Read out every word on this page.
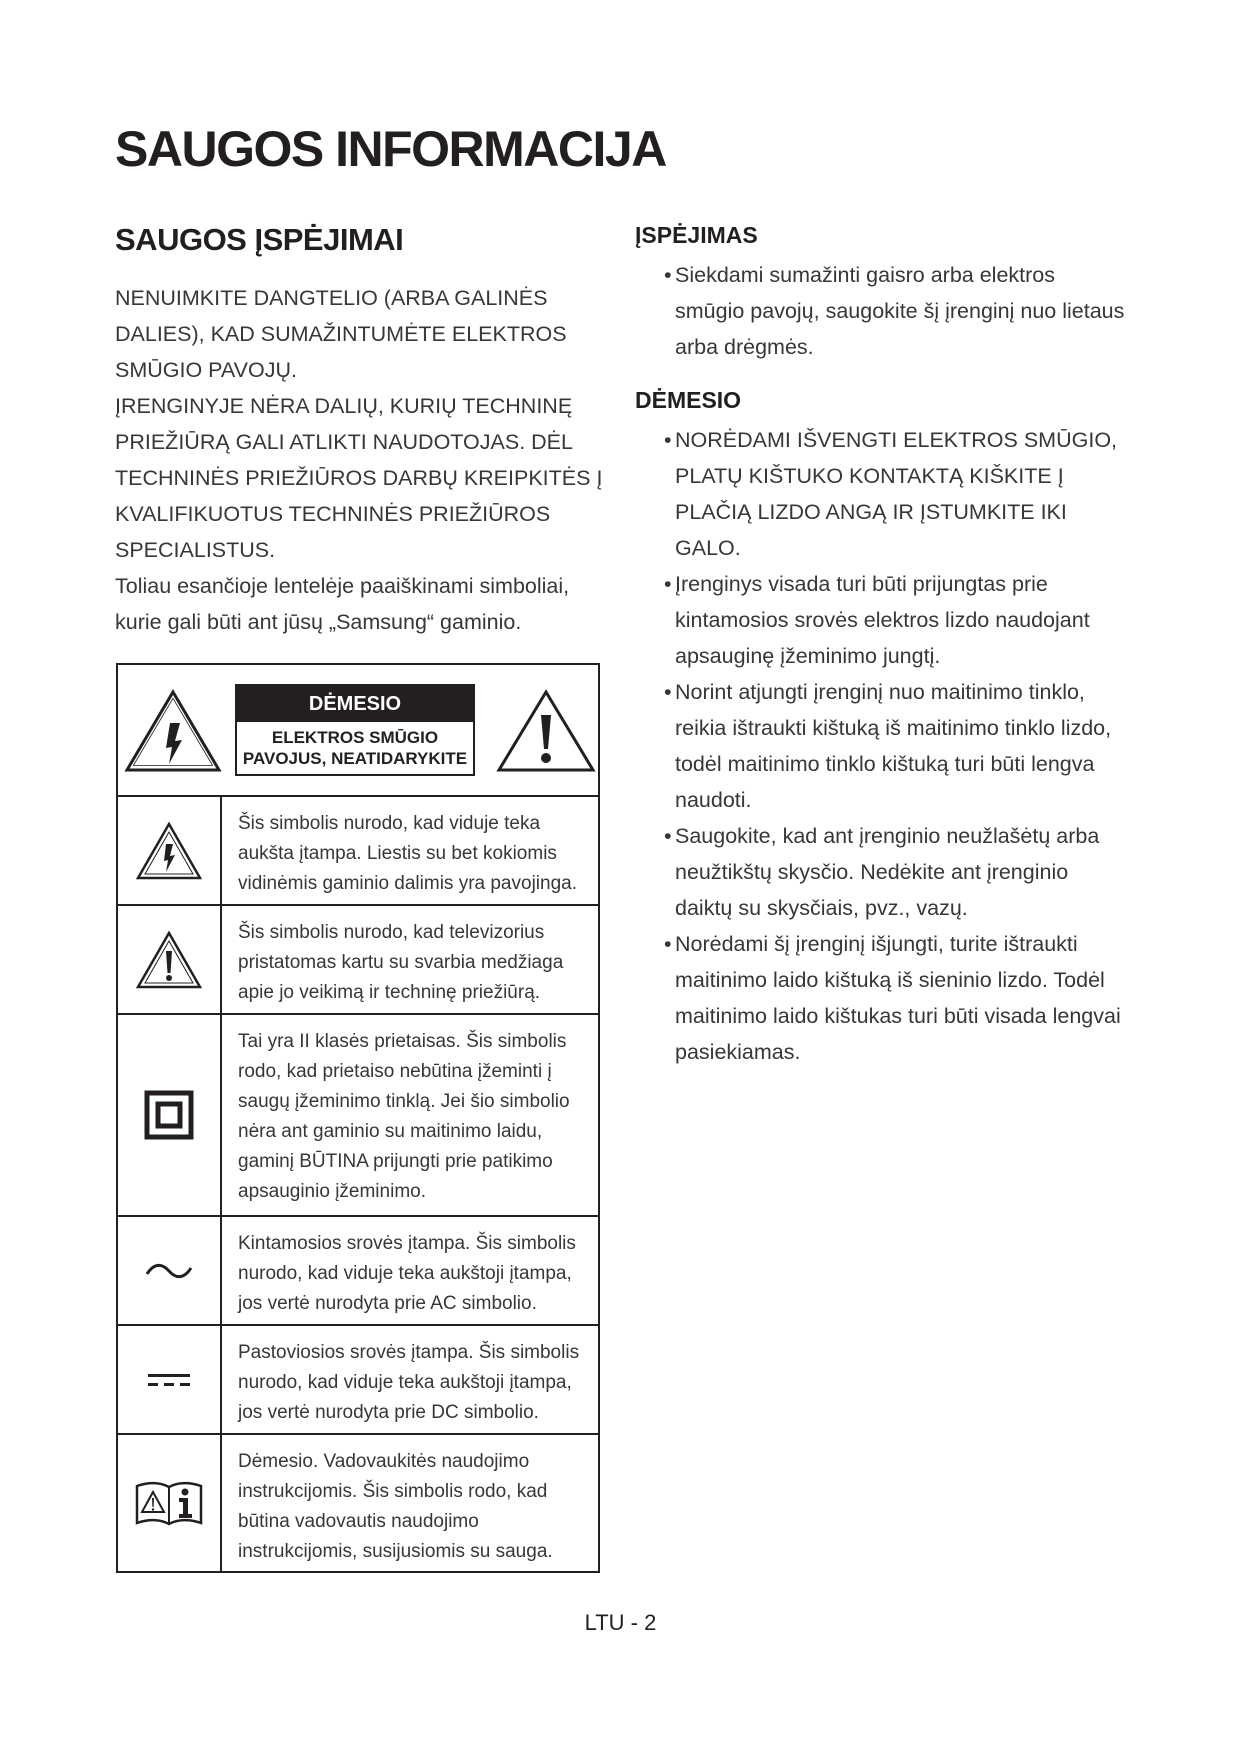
SAUGOS INFORMACIJA
SAUGOS ĮSPĖJIMAI

NENUIMKITE DANGTELIO (ARBA GALINĖS DALIES), KAD SUMAŽINTUMĖTE ELEKTROS SMŪGIO PAVOJŲ.

ĮRENGINYJE NĖRA DALIŲ, KURIŲ TECHNINĘ PRIEŽIŪRĄ GALI ATLIKTI NAUDOTOJAS. DĖL TECHNINĖS PRIEŽIŪROS DARBŲ KREIPKITĖS Į KVALIFIKUOTUS TECHNINĖS PRIEŽIŪROS SPECIALISTUS.

Toliau esančioje lentelėje paaiškinami simboliai, kurie gali būti ant jūsų „Samsung“ gaminio.

DĖMESIO
ELEKTROS SMŪGIO
PAVOJUS, NEATIDARYKITE
Šis simbolis nurodo, kad viduje teka aukšta įtampa. Liestis su bet kokiomis vidinėmis gaminio dalimis yra pavojinga.
Šis simbolis nurodo, kad televizorius pristatomas kartu su svarbia medžiaga apie jo veikimą ir techninę priežiūrą.
Tai yra II klasės prietaisas. Šis simbolis rodo, kad prietaiso nebūtina įžeminti į saugų įžeminimo tinklą. Jei šio simbolio nėra ant gaminio su maitinimo laidu, gaminį BŪTINA prijungti prie patikimo apsauginio įžeminimo.
Kintamosios srovės įtampa. Šis simbolis nurodo, kad viduje teka aukštoji įtampa, jos vertė nurodyta prie AC simbolio.
Pastoviosios srovės įtampa. Šis simbolis nurodo, kad viduje teka aukštoji įtampa, jos vertė nurodyta prie DC simbolio.
Dėmesio. Vadovaukitės naudojimo instrukcijomis. Šis simbolis rodo, kad būtina vadovautis naudojimo instrukcijomis, susijusiomis su sauga.
ĮSPĖJIMAS
• Siekdami sumažinti gaisro arba elektros smūgio pavojų, saugokite šį įrenginį nuo lietaus arba drėgmės.
DĖMESIO
• NORĖDAMI IŠVENGTI ELEKTROS SMŪGIO, PLATŲ KIŠTUKO KONTAKTĄ KIŠKITE Į PLAČIĄ LIZDO ANGĄ IR ĮSTUMKITE IKI GALO.
• Įrenginys visada turi būti prijungtas prie kintamosios srovės elektros lizdo naudojant apsauginę įžeminimo jungtį.
• Norint atjungti įrenginį nuo maitinimo tinklo, reikia ištraukti kištuką iš maitinimo tinklo lizdo, todėl maitinimo tinklo kištuką turi būti lengva naudoti.
• Saugokite, kad ant įrenginio neužlašėtų arba neužtikštų skysčio. Nedėkite ant įrenginio daiktų su skysčiais, pvz., vazų.
• Norėdami šį įrenginį išjungti, turite ištraukti maitinimo laido kištuką iš sieninio lizdo. Todėl maitinimo laido kištukas turi būti visada lengvai pasiekiamas.
LTU - 2
